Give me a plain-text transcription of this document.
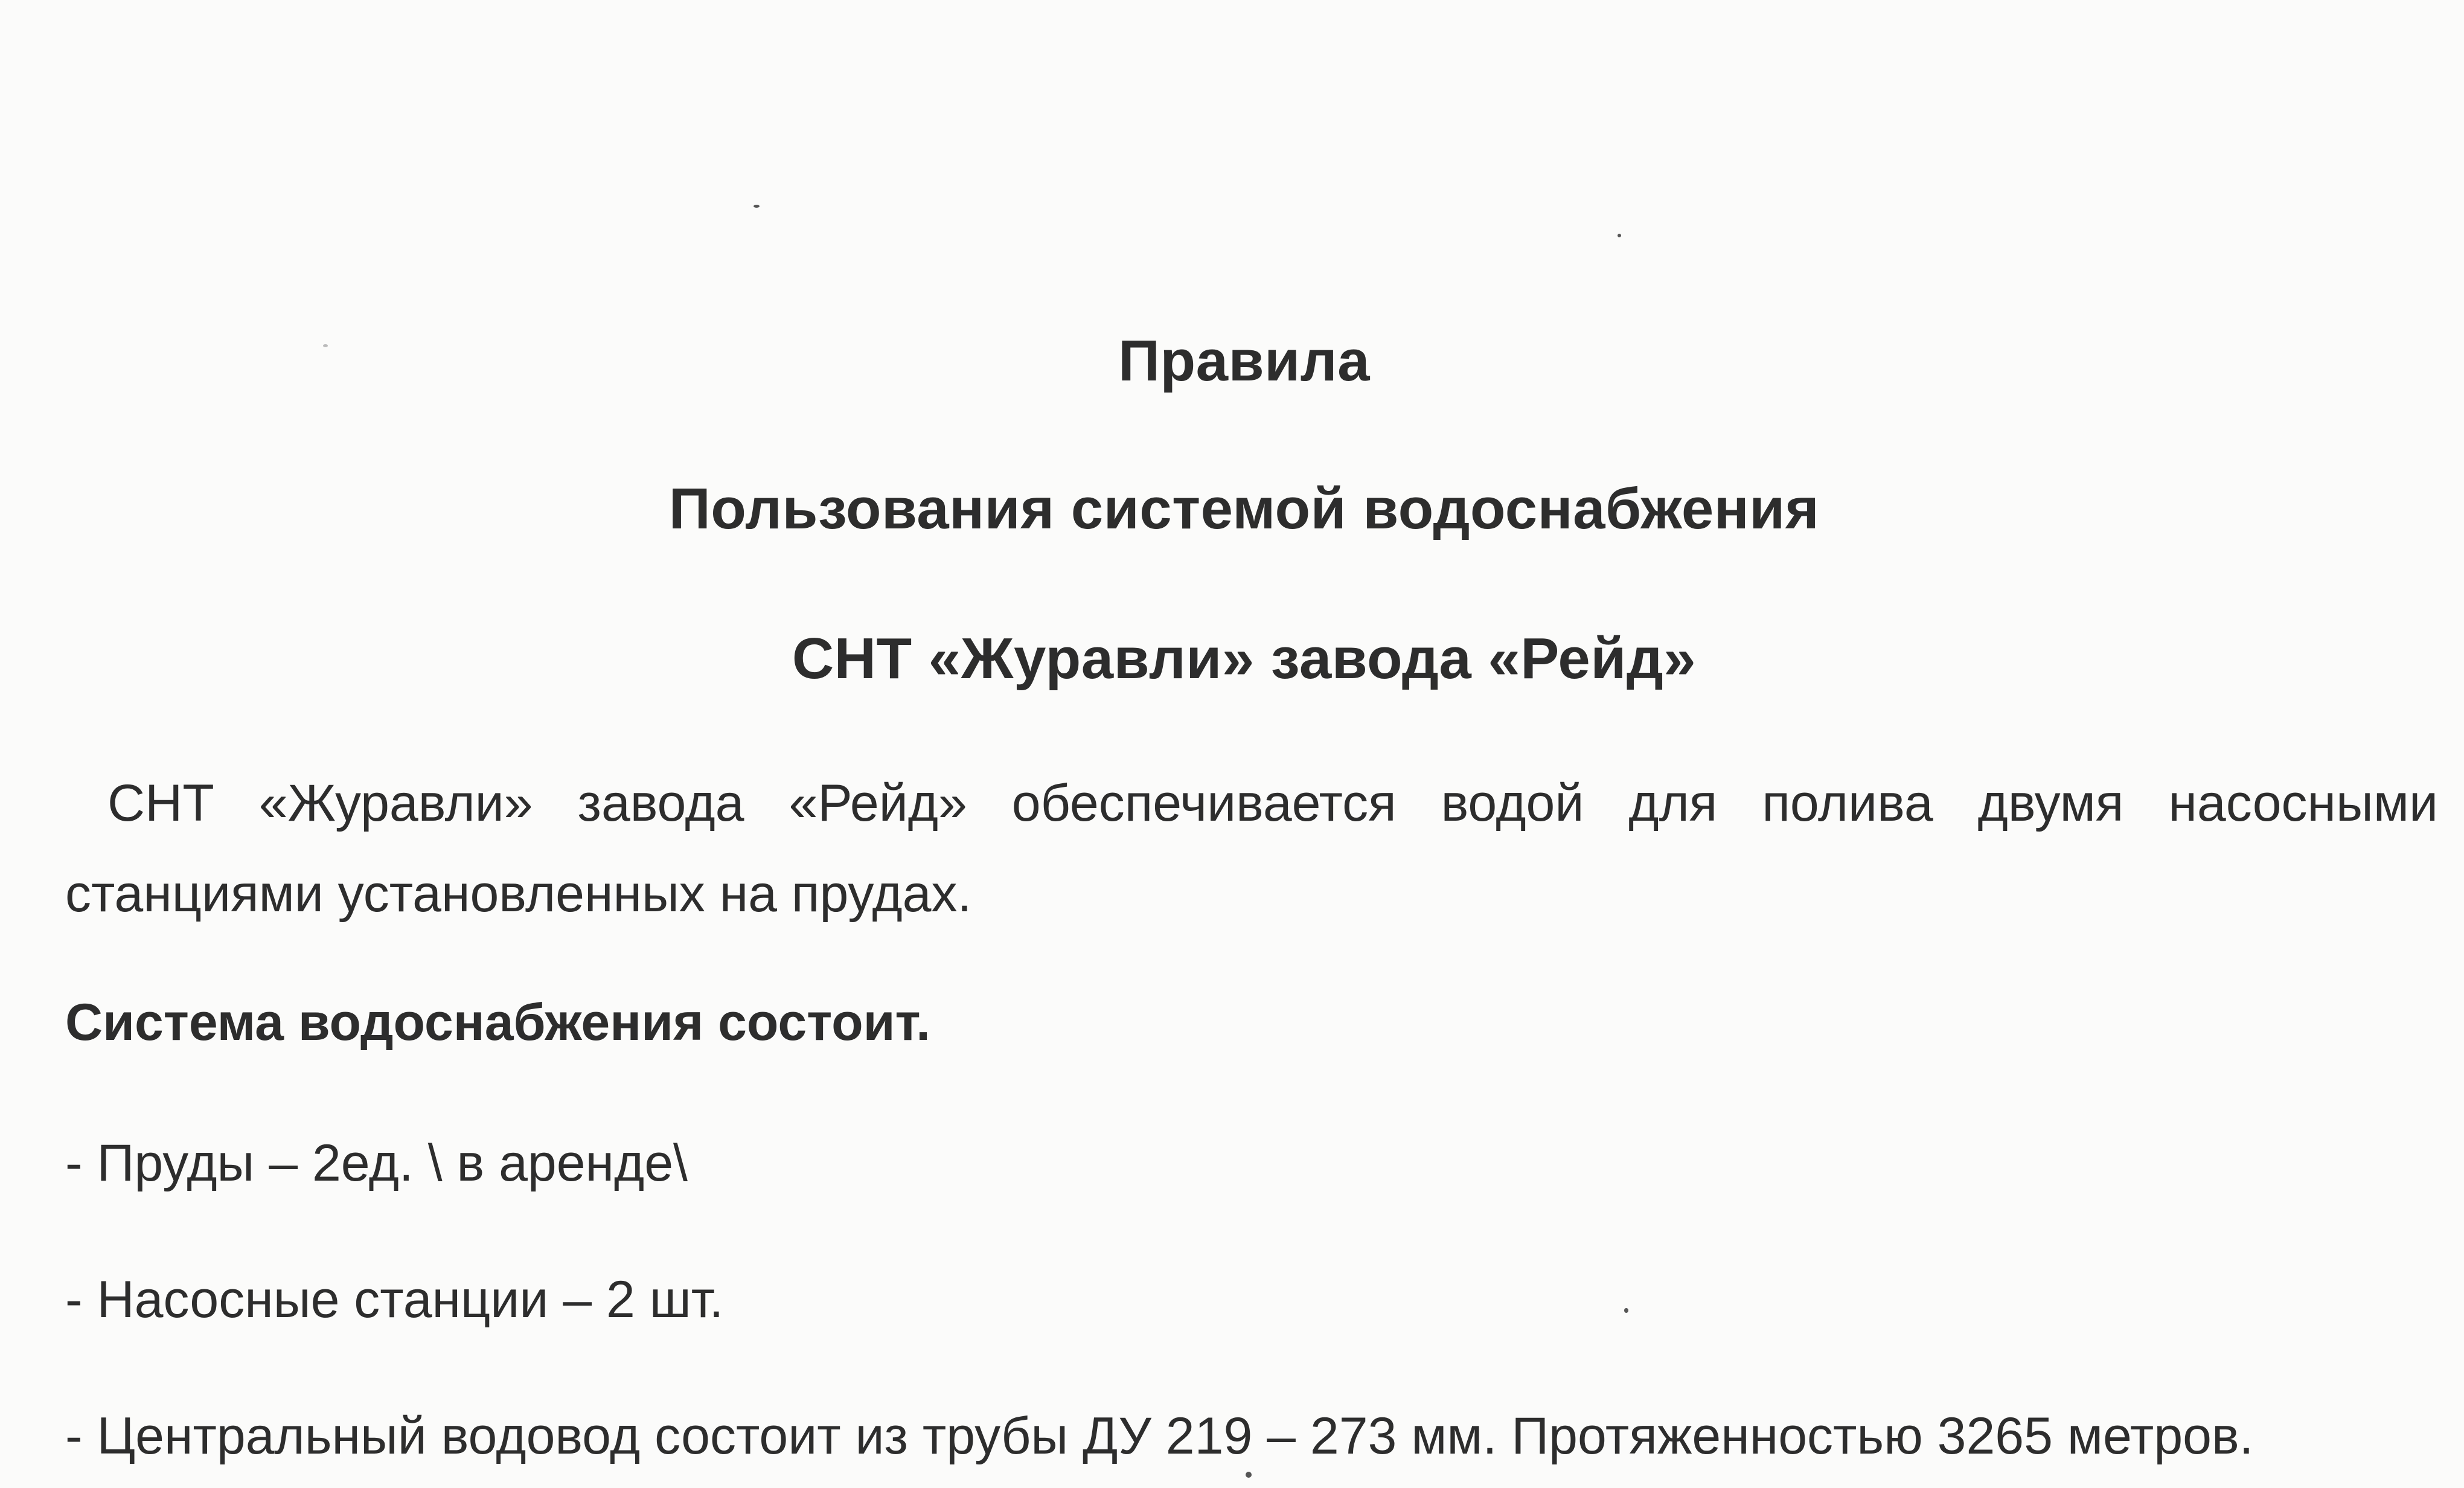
Правила
Пользования системой водоснабжения
СНТ «Журавли» завода «Рейд»
СНТ «Журавли» завода «Рейд» обеспечивается водой для полива двумя насосными станциями установленных на прудах.
Система водоснабжения состоит.
- Пруды – 2ед. \ в аренде\
- Насосные станции – 2 шт.
- Центральный водовод состоит из трубы ДУ 219 – 273 мм. Протяженностью 3265 метров.
